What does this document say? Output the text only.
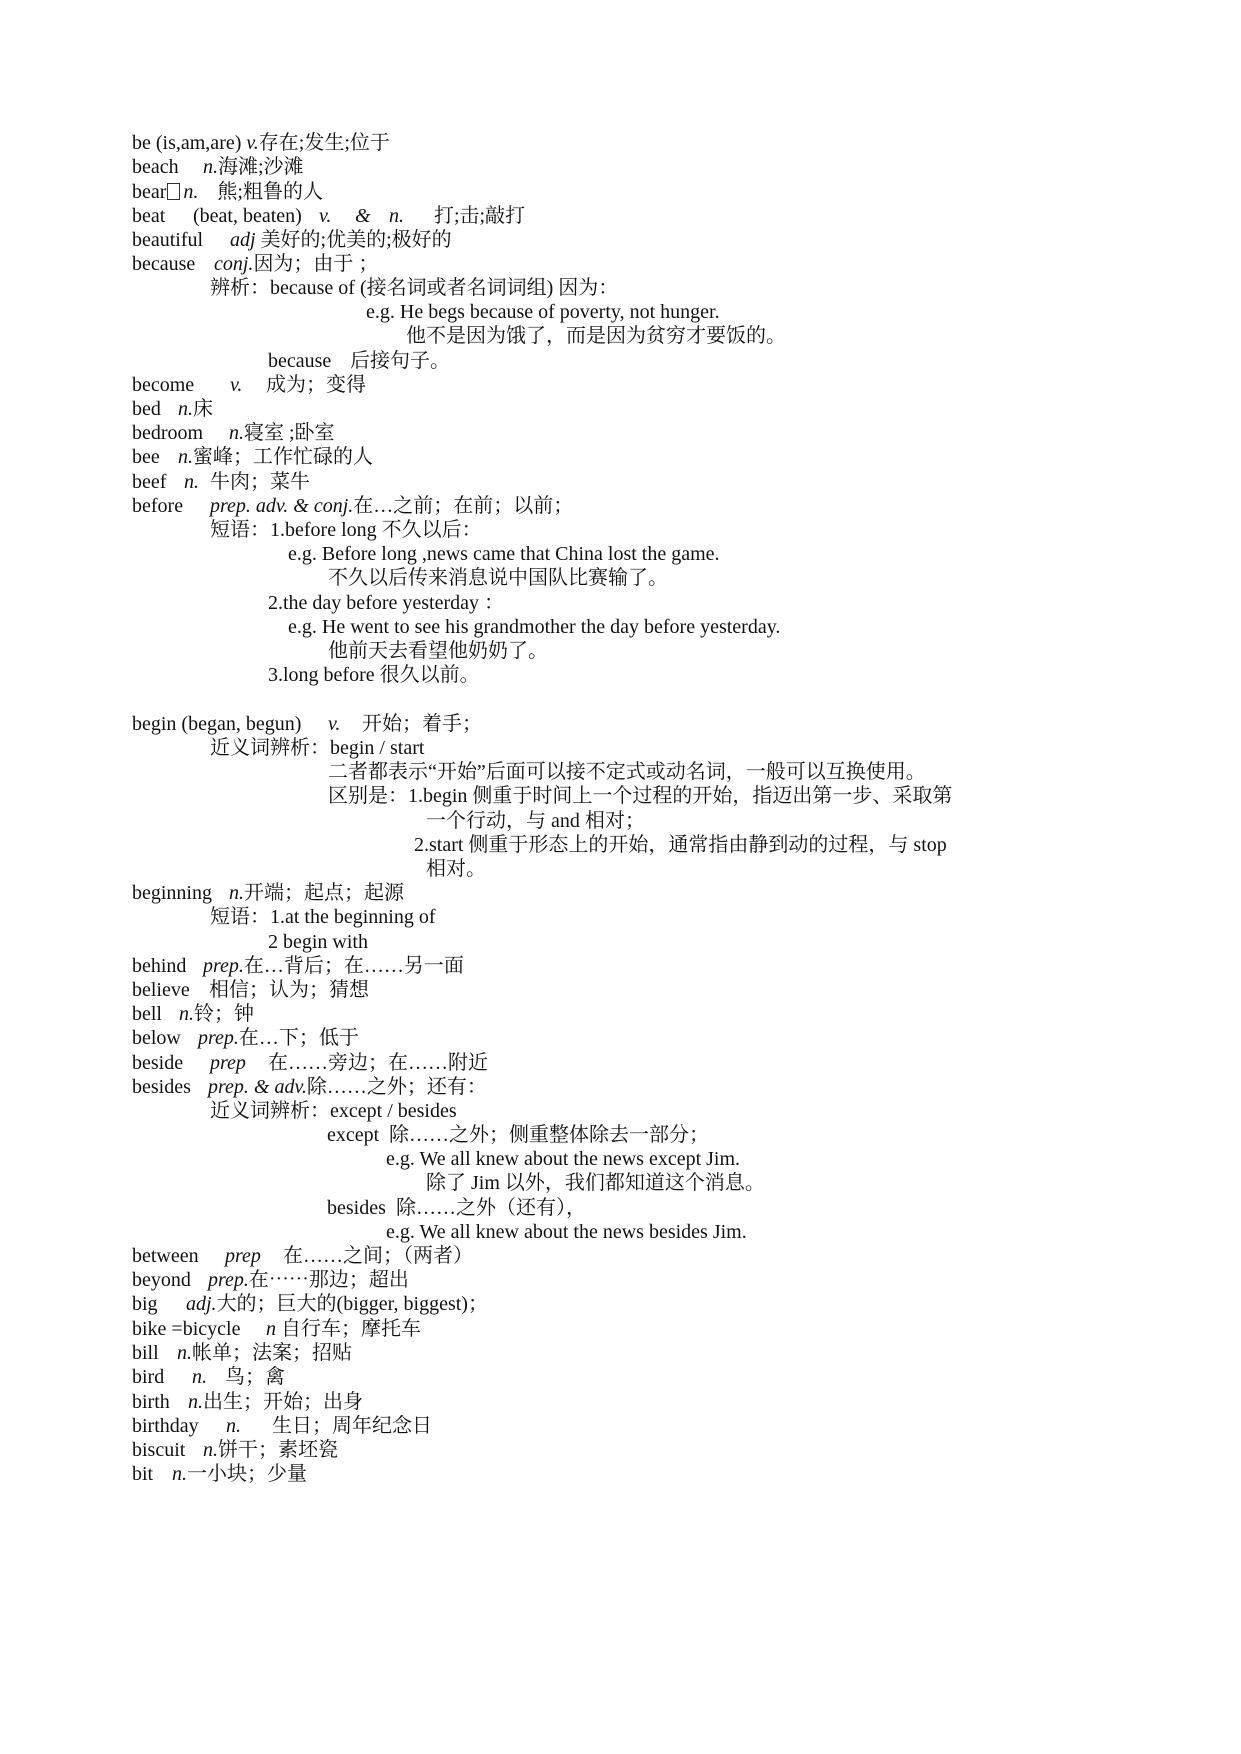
be (is,am,are) v.存在;发生;位于
beach n.海滩;沙滩
bear n. 熊;粗鲁的人
beat (beat, beaten) v. & n. 打;击;敲打
beautiful adj 美好的;优美的;极好的
because conj.因为；由于 ；
辨析：because of (接名词或者名词词组) 因为：
e.g. He begs because of poverty, not hunger.
他不是因为饿了，而是因为贫穷才要饭的。
because 后接句子。
become v. 成为；变得
bed n.床
bedroom n.寝室 ;卧室
bee n.蜜峰；工作忙碌的人
beef n. 牛肉；菜牛
before prep. adv. & conj.在…之前；在前；以前；
短语：1.before long 不久以后：
e.g. Before long ,news came that China lost the game.
不久以后传来消息说中国队比赛输了。
2.the day before yesterday ：
e.g. He went to see his grandmother the day before yesterday.
他前天去看望他奶奶了。
3.long before 很久以前。
begin (began, begun) v. 开始；着手；
近义词辨析：begin / start
二者都表示“开始”后面可以接不定式或动名词，一般可以互换使用。
区别是：1.begin 侧重于时间上一个过程的开始，指迈出第一步、采取第
一个行动，与 and 相对；
2.start 侧重于形态上的开始，通常指由静到动的过程，与 stop
相对。
beginning n.开端；起点；起源
短语：1.at the beginning of
2 begin with
behind prep.在…背后；在……另一面
believe 相信；认为；猜想
bell n.铃；钟
below prep.在…下；低于
beside prep 在……旁边；在……附近
besides prep. & adv.除……之外；还有：
近义词辨析：except / besides
except 除……之外；侧重整体除去一部分；
e.g. We all knew about the news except Jim.
除了 Jim 以外，我们都知道这个消息。
besides 除……之外（还有），
e.g. We all knew about the news besides Jim.
between prep 在……之间；（两者）
beyond prep.在⋯⋯那边；超出
big adj.大的；巨大的(bigger, biggest)；
bike =bicycle n 自行车；摩托车
bill n.帐单；法案；招贴
bird n. 鸟；禽
birth n.出生；开始；出身
birthday n. 生日；周年纪念日
biscuit n.饼干；素坯瓷
bit n.一小块；少量
